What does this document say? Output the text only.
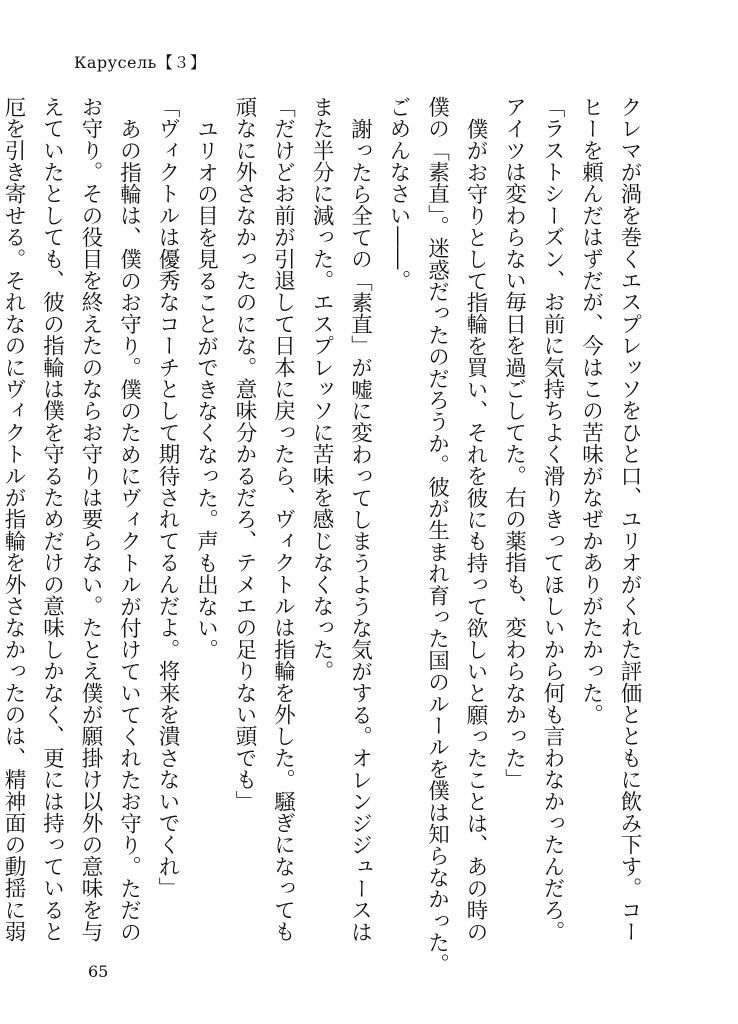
Карусель【３】

クレマが渦を巻くエスプレッソをひと口、ユリオがくれた評価とともに飲み下す。コー

ヒーを頼んだはずだが、今はこの苦味がなぜかありがたかった。

「ラストシーズン、お前に気持ちよく滑りきってほしいから何も言わなかったんだろ。

アイツは変わらない毎日を過ごしてた。右の薬指も、変わらなかった」

僕がお守りとして指輪を買い、それを彼にも持って欲しいと願ったことは、あの時の

僕の「素直」。迷惑だったのだろうか。彼が生まれ育った国のルールを僕は知らなかった。

ごめんなさい――。

謝ったら全ての「素直」が嘘に変わってしまうような気がする。オレンジジュースは

また半分に減った。エスプレッソに苦味を感じなくなった。

「だけどお前が引退して日本に戻ったら、ヴィクトルは指輪を外した。騒ぎになっても

頑なに外さなかったのにな。意味分かるだろ、テメエの足りない頭でも」

ユリオの目を見ることができなくなった。声も出ない。

「ヴィクトルは優秀なコーチとして期待されてるんだよ。将来を潰さないでくれ」

あの指輪は、僕のお守り。僕のためにヴィクトルが付けていてくれたお守り。ただの

お守り。その役目を終えたのならお守りは要らない。たとえ僕が願掛け以外の意味を与

えていたとしても、彼の指輪は僕を守るためだけの意味しかなく、更には持っていると

厄を引き寄せる。それなのにヴィクトルが指輪を外さなかったのは、精神面の動揺に弱

65
